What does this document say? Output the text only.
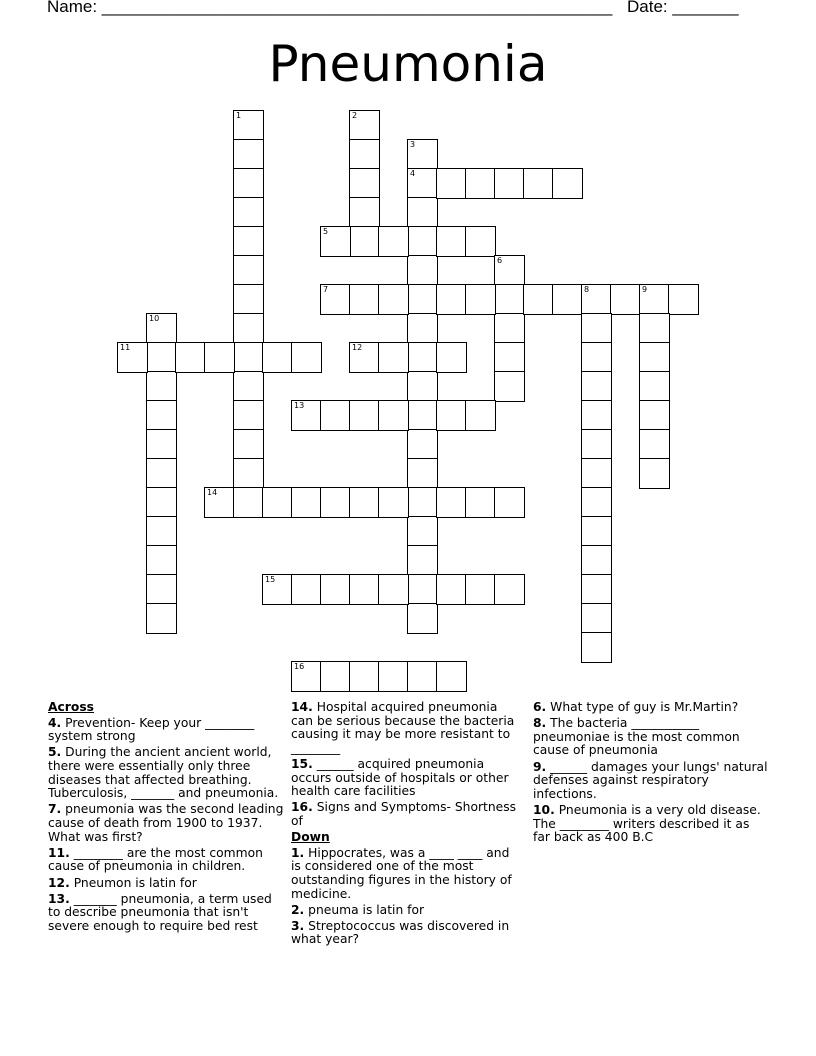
Name: ______________________________________________________ Date: _______
Pneumonia
1	2
3
4
5
6
7	8	9
10
11	12
13
14
15
16
Across
4. Prevention- Keep your ________ system strong
5. During the ancient ancient world, there were essentially only three diseases that affected breathing. Tuberculosis, _______ and pneumonia.
7. pneumonia was the second leading cause of death from 1900 to 1937. What was first?
11. ________ are the most common cause of pneumonia in children.
12. Pneumon is latin for
13. _______ pneumonia, a term used to describe pneumonia that isn't severe enough to require bed rest
14. Hospital acquired pneumonia can be serious because the bacteria causing it may be more resistant to ________
15. ______ acquired pneumonia occurs outside of hospitals or other health care facilities
16. Signs and Symptoms- Shortness of
Down
1. Hippocrates, was a ____ ____ and is considered one of the most outstanding figures in the history of medicine.
2. pneuma is latin for
3. Streptococcus was discovered in what year?
6. What type of guy is Mr.Martin?
8. The bacteria ___________ pneumoniae is the most common cause of pneumonia
9. ______ damages your lungs' natural defenses against respiratory infections.
10. Pneumonia is a very old disease. The ________ writers described it as far back as 400 B.C
